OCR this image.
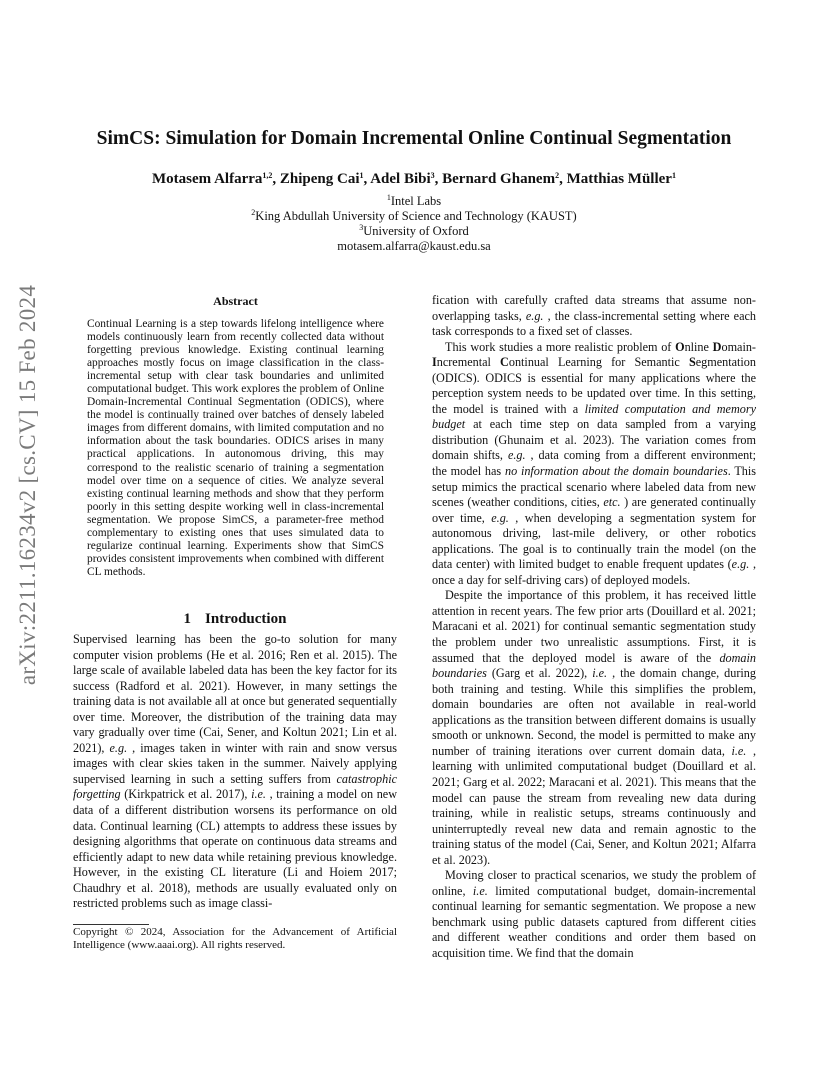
arXiv:2211.16234v2 [cs.CV] 15 Feb 2024
SimCS: Simulation for Domain Incremental Online Continual Segmentation
Motasem Alfarra$^{1,2}$, Zhipeng Cai$^1$, Adel Bibi$^3$, Bernard Ghanem$^2$, Matthias Müller$^1$
$^1$Intel Labs
$^2$King Abdullah University of Science and Technology (KAUST)
$^3$University of Oxford
motasem.alfarra@kaust.edu.sa
Abstract
Continual Learning is a step towards lifelong intelligence where models continuously learn from recently collected data without forgetting previous knowledge. Existing continual learning approaches mostly focus on image classification in the class-incremental setup with clear task boundaries and unlimited computational budget. This work explores the problem of Online Domain-Incremental Continual Segmentation (ODICS), where the model is continually trained over batches of densely labeled images from different domains, with limited computation and no information about the task boundaries. ODICS arises in many practical applications. In autonomous driving, this may correspond to the realistic scenario of training a segmentation model over time on a sequence of cities. We analyze several existing continual learning methods and show that they perform poorly in this setting despite working well in class-incremental segmentation. We propose SimCS, a parameter-free method complementary to existing ones that uses simulated data to regularize continual learning. Experiments show that SimCS provides consistent improvements when combined with different CL methods.
1 Introduction

Supervised learning has been the go-to solution for many computer vision problems (He et al. 2016; Ren et al. 2015). The large scale of available labeled data has been the key factor for its success (Radford et al. 2021). However, in many settings the training data is not available all at once but generated sequentially over time. Moreover, the distribution of the training data may vary gradually over time (Cai, Sener, and Koltun 2021; Lin et al. 2021), e.g. , images taken in winter with rain and snow versus images with clear skies taken in the summer. Naively applying supervised learning in such a setting suffers from catastrophic forgetting (Kirkpatrick et al. 2017), i.e. , training a model on new data of a different distribution worsens its performance on old data. Continual learning (CL) attempts to address these issues by designing algorithms that operate on continuous data streams and efficiently adapt to new data while retaining previous knowledge. However, in the existing CL literature (Li and Hoiem 2017; Chaudhry et al. 2018), methods are usually evaluated only on restricted problems such as image classi-

Copyright © 2024, Association for the Advancement of Artificial Intelligence (www.aaai.org). All rights reserved.

fication with carefully crafted data streams that assume non-overlapping tasks, e.g. , the class-incremental setting where each task corresponds to a fixed set of classes.

This work studies a more realistic problem of Online Domain-Incremental Continual Learning for Semantic Segmentation (ODICS). ODICS is essential for many applications where the perception system needs to be updated over time. In this setting, the model is trained with a limited computation and memory budget at each time step on data sampled from a varying distribution (Ghunaim et al. 2023). The variation comes from domain shifts, e.g. , data coming from a different environment; the model has no information about the domain boundaries. This setup mimics the practical scenario where labeled data from new scenes (weather conditions, cities, etc. ) are generated continually over time, e.g. , when developing a segmentation system for autonomous driving, last-mile delivery, or other robotics applications. The goal is to continually train the model (on the data center) with limited budget to enable frequent updates (e.g. , once a day for self-driving cars) of deployed models.

Despite the importance of this problem, it has received little attention in recent years. The few prior arts (Douillard et al. 2021; Maracani et al. 2021) for continual semantic segmentation study the problem under two unrealistic assumptions. First, it is assumed that the deployed model is aware of the domain boundaries (Garg et al. 2022), i.e. , the domain change, during both training and testing. While this simplifies the problem, domain boundaries are often not available in real-world applications as the transition between different domains is usually smooth or unknown. Second, the model is permitted to make any number of training iterations over current domain data, i.e. , learning with unlimited computational budget (Douillard et al. 2021; Garg et al. 2022; Maracani et al. 2021). This means that the model can pause the stream from revealing new data during training, while in realistic setups, streams continuously and uninterruptedly reveal new data and remain agnostic to the training status of the model (Cai, Sener, and Koltun 2021; Alfarra et al. 2023).

Moving closer to practical scenarios, we study the problem of online, i.e. limited computational budget, domain-incremental continual learning for semantic segmentation. We propose a new benchmark using public datasets captured from different cities and different weather conditions and order them based on acquisition time. We find that the domain
